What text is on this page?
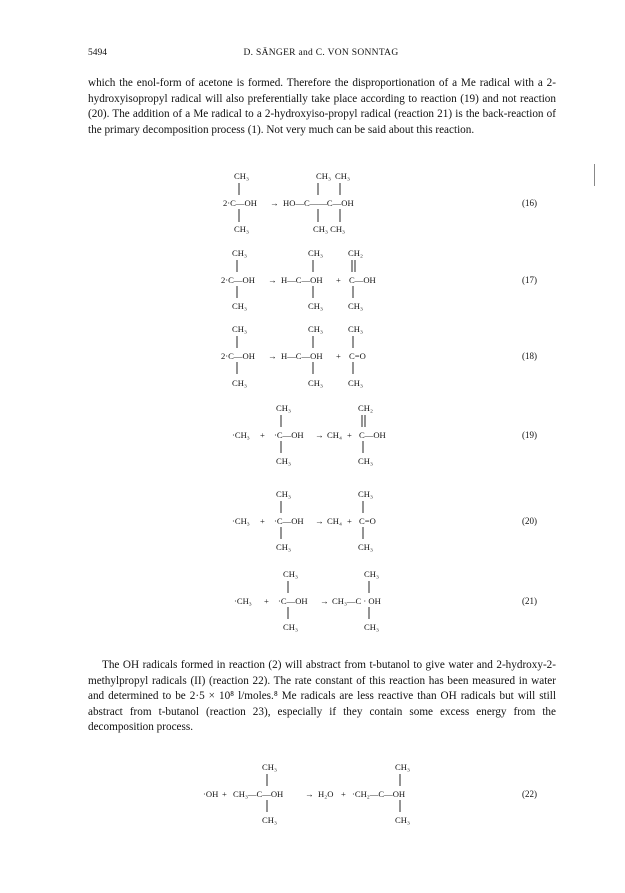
5494	D. SÄNGER and C. VON SONNTAG

which the enol-form of acetone is formed. Therefore the disproportionation of a Me radical with a 2-hydroxyisopropyl radical will also preferentially take place according to reaction (19) and not reaction (20). The addition of a Me radical to a 2-hydroxyiso-propyl radical (reaction 21) is the back-reaction of the primary decomposition process (1). Not very much can be said about this reaction.

CH₃
2·C—OH
CH₃
→
CH₃ CH₃
HO—C——C—OH
CH₃ CH₃
(16)
CH₃
2·C—OH
CH₃
→
CH₃
H—C—OH
CH₃
+
CH₂
C—OH
CH₃
(17)
CH₃
2·C—OH
CH₃
→
CH₃
H—C—OH
CH₃
+
CH₃
C=O
CH₃
(18)
CH₃
·CH₃ + ·C—OH
CH₃
→ CH₄ +
CH₂
C—OH
CH₃
(19)
CH₃
·CH₃ + ·C—OH
CH₃
→ CH₄ +
CH₃
C=O
CH₃
(20)
CH₃
·CH₃ + ·C—OH
CH₃
→
CH₃
CH₃—C · OH
CH₃
(21)
CH₃
·OH + CH₃—C—OH
CH₃
→ H₂O +
CH₃
·CH₂—C—OH
CH₃
(22)

The OH radicals formed in reaction (2) will abstract from t-butanol to give water and 2-hydroxy-2-methylpropyl radicals (II) (reaction 22). The rate constant of this reaction has been measured in water and determined to be 2·5 × 10⁸ l/moles.⁸ Me radicals are less reactive than OH radicals but will still abstract from t-butanol (reaction 23), especially if they contain some excess energy from the decomposition process.
